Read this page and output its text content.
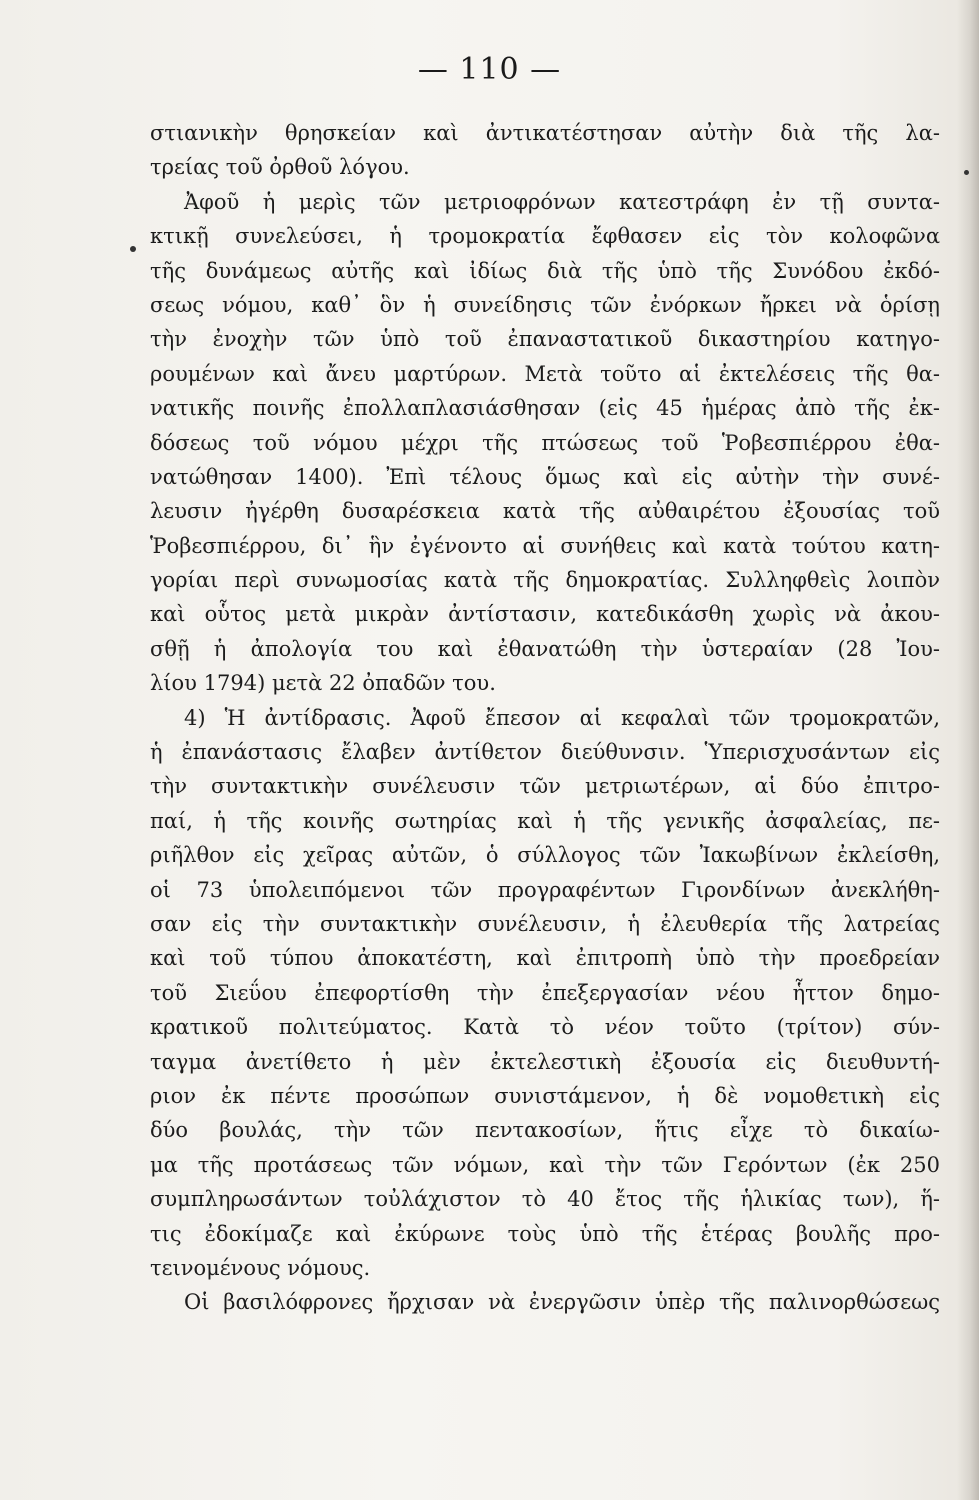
— 110 —
στιανικὴν θρησκείαν καὶ ἀντικατέστησαν αὐτὴν διὰ τῆς λα-
τρείας τοῦ ὀρθοῦ λόγου.
Ἀφοῦ ἡ μερὶς τῶν μετριοφρόνων κατεστράφη ἐν τῇ συντα-
κτικῇ συνελεύσει, ἡ τρομοκρατία ἔφθασεν εἰς τὸν κολοφῶνα
τῆς δυνάμεως αὐτῆς καὶ ἰδίως διὰ τῆς ὑπὸ τῆς Συνόδου ἐκδό-
σεως νόμου, καθ᾽ ὃν ἡ συνείδησις τῶν ἐνόρκων ἤρκει νὰ ὁρίσῃ
τὴν ἐνοχὴν τῶν ὑπὸ τοῦ ἐπαναστατικοῦ δικαστηρίου κατηγο-
ρουμένων καὶ ἄνευ μαρτύρων. Μετὰ τοῦτο αἱ ἐκτελέσεις τῆς θα-
νατικῆς ποινῆς ἐπολλαπλασιάσθησαν (εἰς 45 ἡμέρας ἀπὸ τῆς ἐκ-
δόσεως τοῦ νόμου μέχρι τῆς πτώσεως τοῦ Ῥοβεσπιέρρου ἐθα-
νατώθησαν 1400). Ἐπὶ τέλους ὅμως καὶ εἰς αὐτὴν τὴν συνέ-
λευσιν ἠγέρθη δυσαρέσκεια κατὰ τῆς αὐθαιρέτου ἐξουσίας τοῦ
Ῥοβεσπιέρρου, δι᾽ ἣν ἐγένοντο αἱ συνήθεις καὶ κατὰ τούτου κατη-
γορίαι περὶ συνωμοσίας κατὰ τῆς δημοκρατίας. Συλληφθεὶς λοιπὸν
καὶ οὗτος μετὰ μικρὰν ἀντίστασιν, κατεδικάσθη χωρὶς νὰ ἀκου-
σθῇ ἡ ἀπολογία του καὶ ἐθανατώθη τὴν ὑστεραίαν (28 Ἰου-
λίου 1794) μετὰ 22 ὀπαδῶν του.
4) Ἡ ἀντίδρασις. Ἀφοῦ ἔπεσον αἱ κεφαλαὶ τῶν τρομοκρατῶν,
ἡ ἐπανάστασις ἔλαβεν ἀντίθετον διεύθυνσιν. Ὑπερισχυσάντων εἰς
τὴν συντακτικὴν συνέλευσιν τῶν μετριωτέρων, αἱ δύο ἐπιτρο-
παί, ἡ τῆς κοινῆς σωτηρίας καὶ ἡ τῆς γενικῆς ἀσφαλείας, πε-
ριῆλθον εἰς χεῖρας αὐτῶν, ὁ σύλλογος τῶν Ἰακωβίνων ἐκλείσθη,
οἱ 73 ὑπολειπόμενοι τῶν προγραφέντων Γιρονδίνων ἀνεκλήθη-
σαν εἰς τὴν συντακτικὴν συνέλευσιν, ἡ ἐλευθερία τῆς λατρείας
καὶ τοῦ τύπου ἀποκατέστη, καὶ ἐπιτροπὴ ὑπὸ τὴν προεδρείαν
τοῦ Σιεΰου ἐπεφορτίσθη τὴν ἐπεξεργασίαν νέου ἧττον δημο-
κρατικοῦ πολιτεύματος. Κατὰ τὸ νέον τοῦτο (τρίτον) σύν-
ταγμα ἀνετίθετο ἡ μὲν ἐκτελεστικὴ ἐξουσία εἰς διευθυντή-
ριον ἐκ πέντε προσώπων συνιστάμενον, ἡ δὲ νομοθετικὴ εἰς
δύο βουλάς, τὴν τῶν πεντακοσίων, ἥτις εἶχε τὸ δικαίω-
μα τῆς προτάσεως τῶν νόμων, καὶ τὴν τῶν Γερόντων (ἐκ 250
συμπληρωσάντων τοὐλάχιστον τὸ 40 ἔτος τῆς ἡλικίας των), ἥ-
τις ἐδοκίμαζε καὶ ἐκύρωνε τοὺς ὑπὸ τῆς ἑτέρας βουλῆς προ-
τεινομένους νόμους.
Οἱ βασιλόφρονες ἤρχισαν νὰ ἐνεργῶσιν ὑπὲρ τῆς παλινορθώσεως
